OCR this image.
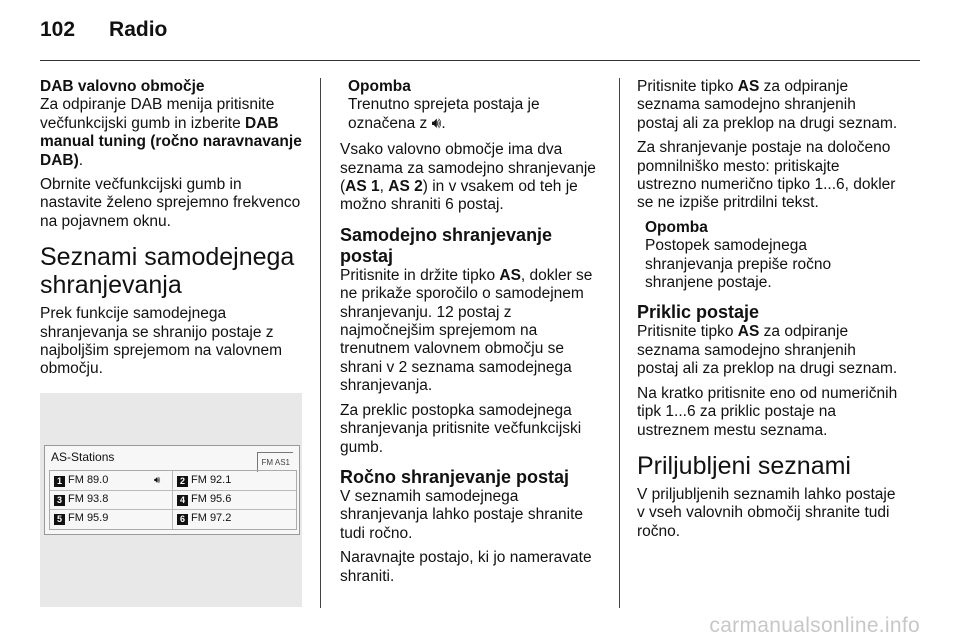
102 Radio

DAB valovno območje

Za odpiranje DAB menija pritisnite večfunkcijski gumb in izberite DAB manual tuning (ročno naravnavanje DAB).

Obrnite večfunkcijski gumb in nastavite želeno sprejemno frekvenco na pojavnem oknu.

Seznami samodejnega shranjevanja

Prek funkcije samodejnega shranjevanja se shranijo postaje z najboljšim sprejemom na valovnem območju.

AS-Stations	FM AS1
1 FM 89.0	🔊︎	2 FM 92.1
3 FM 93.8	4 FM 95.6
5 FM 95.9	6 FM 97.2

Opomba

Trenutno sprejeta postaja je označena z 🔊︎.

Vsako valovno območje ima dva seznama za samodejno shranjevanje (AS 1, AS 2) in v vsakem od teh je možno shraniti 6 postaj.

Samodejno shranjevanje postaj

Pritisnite in držite tipko AS, dokler se ne prikaže sporočilo o samodejnem shranjevanju. 12 postaj z najmočnejšim sprejemom na trenutnem valovnem območju se shrani v 2 seznama samodejnega shranjevanja.

Za preklic postopka samodejnega shranjevanja pritisnite večfunkcijski gumb.

Ročno shranjevanje postaj

V seznamih samodejnega shranjevanja lahko postaje shranite tudi ročno.

Naravnajte postajo, ki jo nameravate shraniti.

Pritisnite tipko AS za odpiranje seznama samodejno shranjenih postaj ali za preklop na drugi seznam.

Za shranjevanje postaje na določeno pomnilniško mesto: pritiskajte ustrezno numerično tipko 1...6, dokler se ne izpiše pritrdilni tekst.

Opomba

Postopek samodejnega shranjevanja prepiše ročno shranjene postaje.

Priklic postaje

Pritisnite tipko AS za odpiranje seznama samodejno shranjenih postaj ali za preklop na drugi seznam.

Na kratko pritisnite eno od numeričnih tipk 1...6 za priklic postaje na ustreznem mestu seznama.

Priljubljeni seznami

V priljubljenih seznamih lahko postaje v vseh valovnih območij shranite tudi ročno.

carmanualsonline.info
